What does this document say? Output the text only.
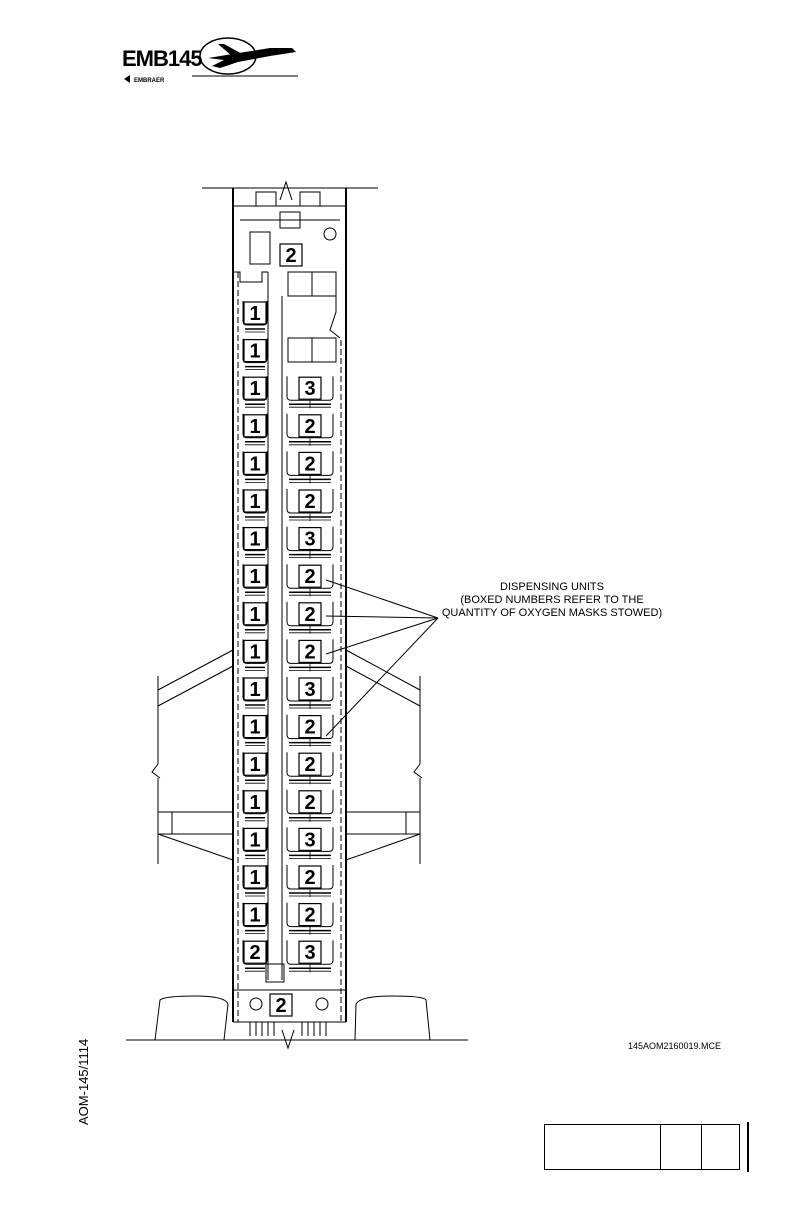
EMB145
EMBRAER
1
1
1
1
1
1
1
1
1
1
1
1
1
1
1
1
1
2
3
2
2
2
3
2
2
2
3
2
2
2
3
2
2
3
2
2
DISPENSING UNITS
(BOXED NUMBERS REFER TO THE
QUANTITY OF OXYGEN MASKS STOWED)
145AOM2160019.MCE
AOM-145/1114
